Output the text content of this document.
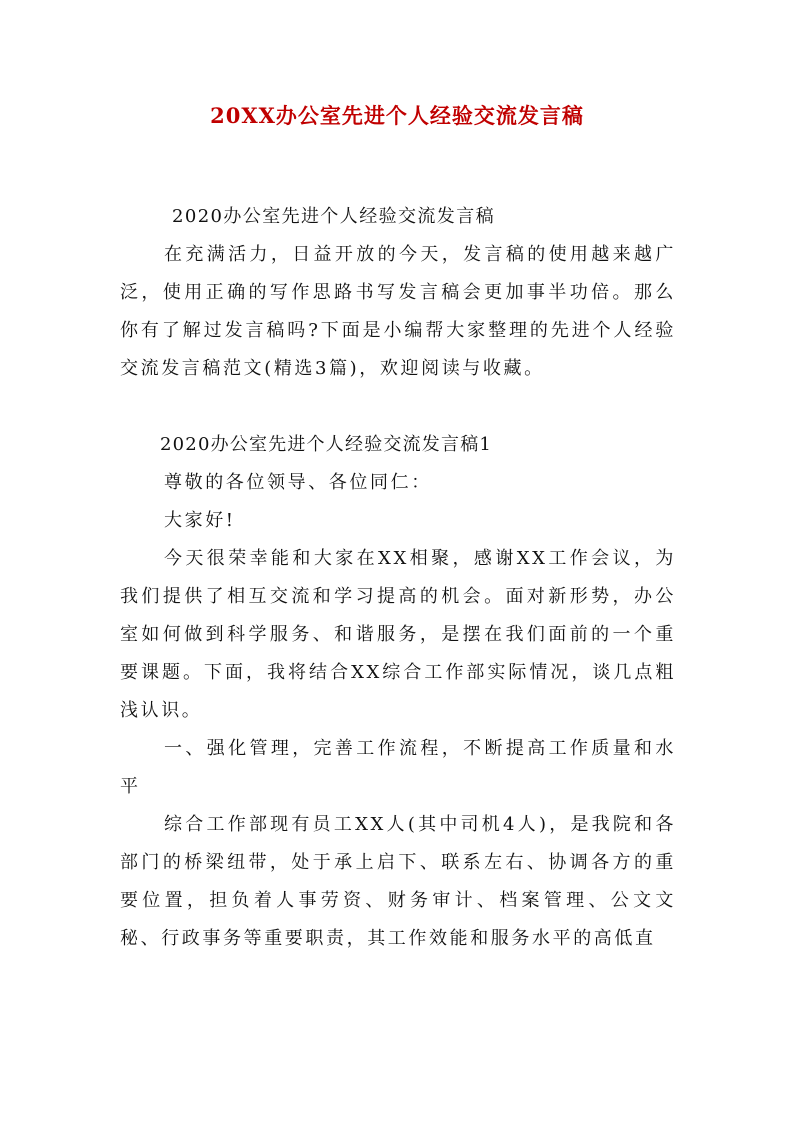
20XX办公室先进个人经验交流发言稿

2020办公室先进个人经验交流发言稿

在充满活力，日益开放的今天，发言稿的使用越来越广泛，使用正确的写作思路书写发言稿会更加事半功倍。那么你有了解过发言稿吗?下面是小编帮大家整理的先进个人经验交流发言稿范文(精选3篇)，欢迎阅读与收藏。

2020办公室先进个人经验交流发言稿1

尊敬的各位领导、各位同仁：

大家好!

今天很荣幸能和大家在XX相聚，感谢XX工作会议，为我们提供了相互交流和学习提高的机会。面对新形势，办公室如何做到科学服务、和谐服务，是摆在我们面前的一个重要课题。下面，我将结合XX综合工作部实际情况，谈几点粗浅认识。

一、强化管理，完善工作流程，不断提高工作质量和水平

综合工作部现有员工XX人(其中司机4人)，是我院和各部门的桥梁纽带，处于承上启下、联系左右、协调各方的重要位置，担负着人事劳资、财务审计、档案管理、公文文秘、行政事务等重要职责，其工作效能和服务水平的高低直
